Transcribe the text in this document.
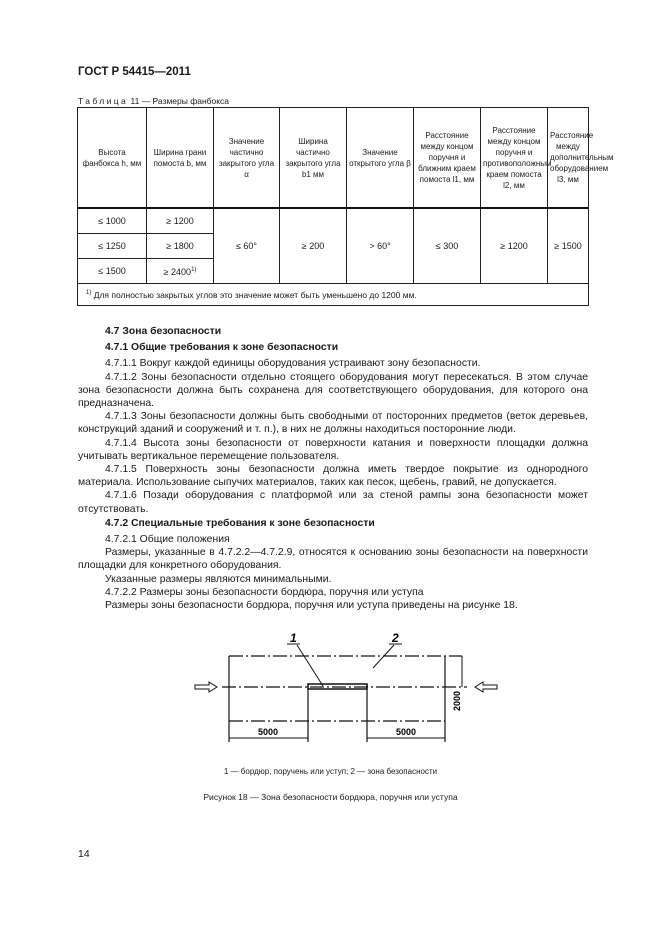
ГОСТ Р 54415—2011
Таблица 11 — Размеры фанбокса
Высота фанбокса h, мм	Ширина грани помоста b, мм	Значение частично закрытого угла α	Ширина частично закрытого угла b1 мм	Значение открытого угла β	Расстояние между концом поручня и ближним краем помоста l1, мм	Расстояние между концом поручня и противоположным краем помоста l2, мм	Расстояние между дополнительным оборудованием l3, мм
≤ 1000	≥ 1200	≤ 60°	≥ 200	> 60°	≤ 300	≥ 1200	≥ 1500
≤ 1250	≥ 1800						
≤ 1500	≥ $2400^{1)}$
$^{1)}$ Для полностью закрытых углов это значение может быть уменьшено до 1200 мм.							

4.7 Зона безопасности

4.7.1 Общие требования к зоне безопасности

4.7.1.1 Вокруг каждой единицы оборудования устраивают зону безопасности.

4.7.1.2 Зоны безопасности отдельно стоящего оборудования могут пересекаться. В этом случае зона безопасности должна быть сохранена для соответствующего оборудования, для которого она предназначена.

4.7.1.3 Зоны безопасности должны быть свободными от посторонних предметов (веток деревьев, конструкций зданий и сооружений и т. п.), в них не должны находиться посторонние люди.

4.7.1.4 Высота зоны безопасности от поверхности катания и поверхности площадки должна учитывать вертикальное перемещение пользователя.

4.7.1.5 Поверхность зоны безопасности должна иметь твердое покрытие из однородного материала. Использование сыпучих материалов, таких как песок, щебень, гравий, не допускается.

4.7.1.6 Позади оборудования с платформой или за стеной рампы зона безопасности может отсутствовать.

4.7.2 Специальные требования к зоне безопасности

4.7.2.1 Общие положения

Размеры, указанные в 4.7.2.2—4.7.2.9, относятся к основанию зоны безопасности на поверхности площадки для конкретного оборудования.

Указанные размеры являются минимальными.

4.7.2.2 Размеры зоны безопасности бордюра, поручня или уступа

Размеры зоны безопасности бордюра, поручня или уступа приведены на рисунке 18.

1	2
5000	5000
2000
1 — бордюр, поручень или уступ; 2 — зона безопасности
Рисунок 18 — Зона безопасности бордюра, поручня или уступа
14
